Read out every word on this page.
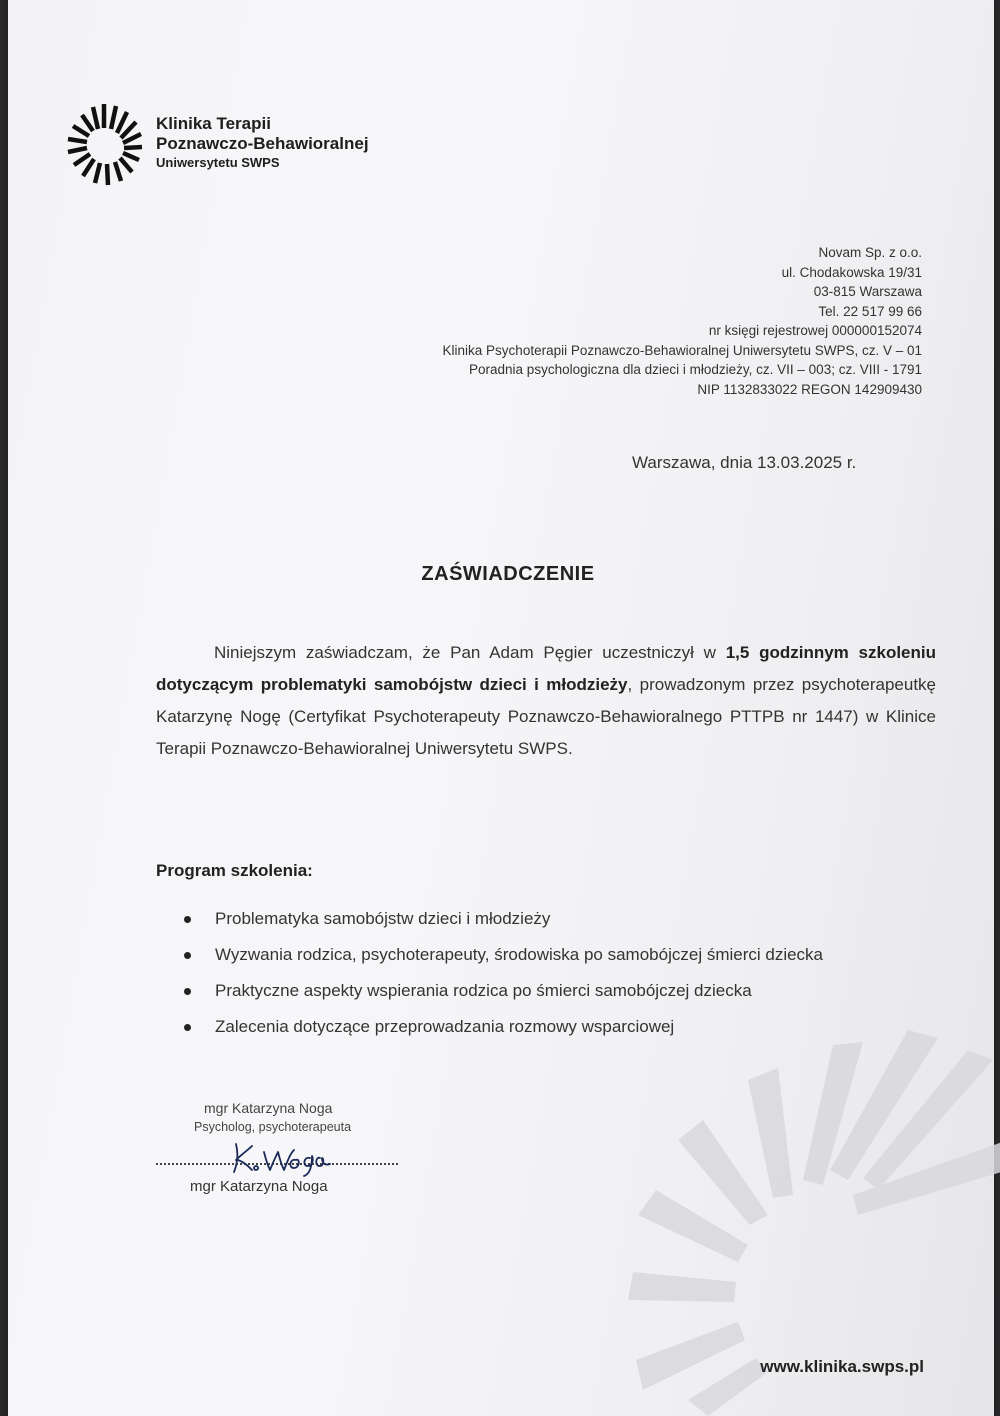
Klinika Terapii
Poznawczo-Behawioralnej
Uniwersytetu SWPS
Novam Sp. z o.o.
ul. Chodakowska 19/31
03-815 Warszawa
Tel. 22 517 99 66
nr księgi rejestrowej 000000152074
Klinika Psychoterapii Poznawczo-Behawioralnej Uniwersytetu SWPS, cz. V – 01
Poradnia psychologiczna dla dzieci i młodzieży, cz. VII – 003; cz. VIII - 1791
NIP 1132833022 REGON 142909430
Warszawa, dnia 13.03.2025 r.
ZAŚWIADCZENIE
Niniejszym zaświadczam, że Pan Adam Pęgier uczestniczył w 1,5 godzinnym szkoleniu dotyczącym problematyki samobójstw dzieci i młodzieży, prowadzonym przez psychoterapeutkę Katarzynę Nogę (Certyfikat Psychoterapeuty Poznawczo-Behawioralnego PTTPB nr 1447) w Klinice Terapii Poznawczo-Behawioralnej Uniwersytetu SWPS.
Program szkolenia:
Problematyka samobójstw dzieci i młodzieży
Wyzwania rodzica, psychoterapeuty, środowiska po samobójczej śmierci dziecka
Praktyczne aspekty wspierania rodzica po śmierci samobójczej dziecka
Zalecenia dotyczące przeprowadzania rozmowy wsparciowej
mgr Katarzyna Noga
Psycholog, psychoterapeuta
mgr Katarzyna Noga
www.klinika.swps.pl
